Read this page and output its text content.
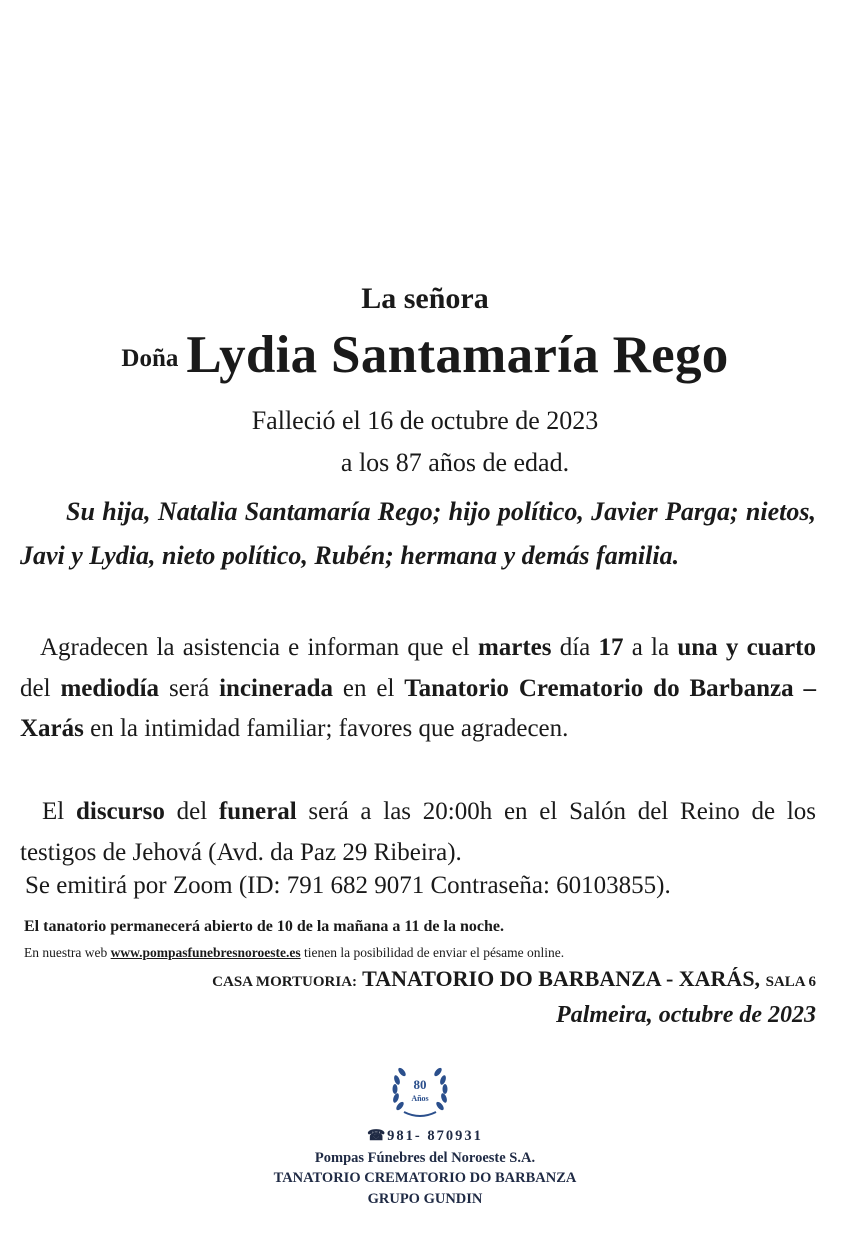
La señora
Doña Lydia Santamaría Rego
Falleció el 16 de octubre de 2023
a los 87 años de edad.
Su hija, Natalia Santamaría Rego; hijo político, Javier Parga; nietos, Javi y Lydia, nieto político, Rubén; hermana y demás familia.
Agradecen la asistencia e informan que el martes día 17 a la una y cuarto del mediodía será incinerada en el Tanatorio Crematorio do Barbanza – Xarás en la intimidad familiar; favores que agradecen.
El discurso del funeral será a las 20:00h en el Salón del Reino de los testigos de Jehová (Avd. da Paz 29 Ribeira).
Se emitirá por Zoom (ID: 791 682 9071 Contraseña: 60103855).
El tanatorio permanecerá abierto de 10 de la mañana a 11 de la noche.
En nuestra web www.pompasfunebresnoroeste.es tienen la posibilidad de enviar el pésame online.
CASA MORTUORIA: TANATORIO DO BARBANZA - XARÁS, SALA 6
Palmeira, octubre de 2023
80
Años
☎981- 870931
Pompas Fúnebres del Noroeste S.A.
TANATORIO CREMATORIO DO BARBANZA
GRUPO GUNDIN
